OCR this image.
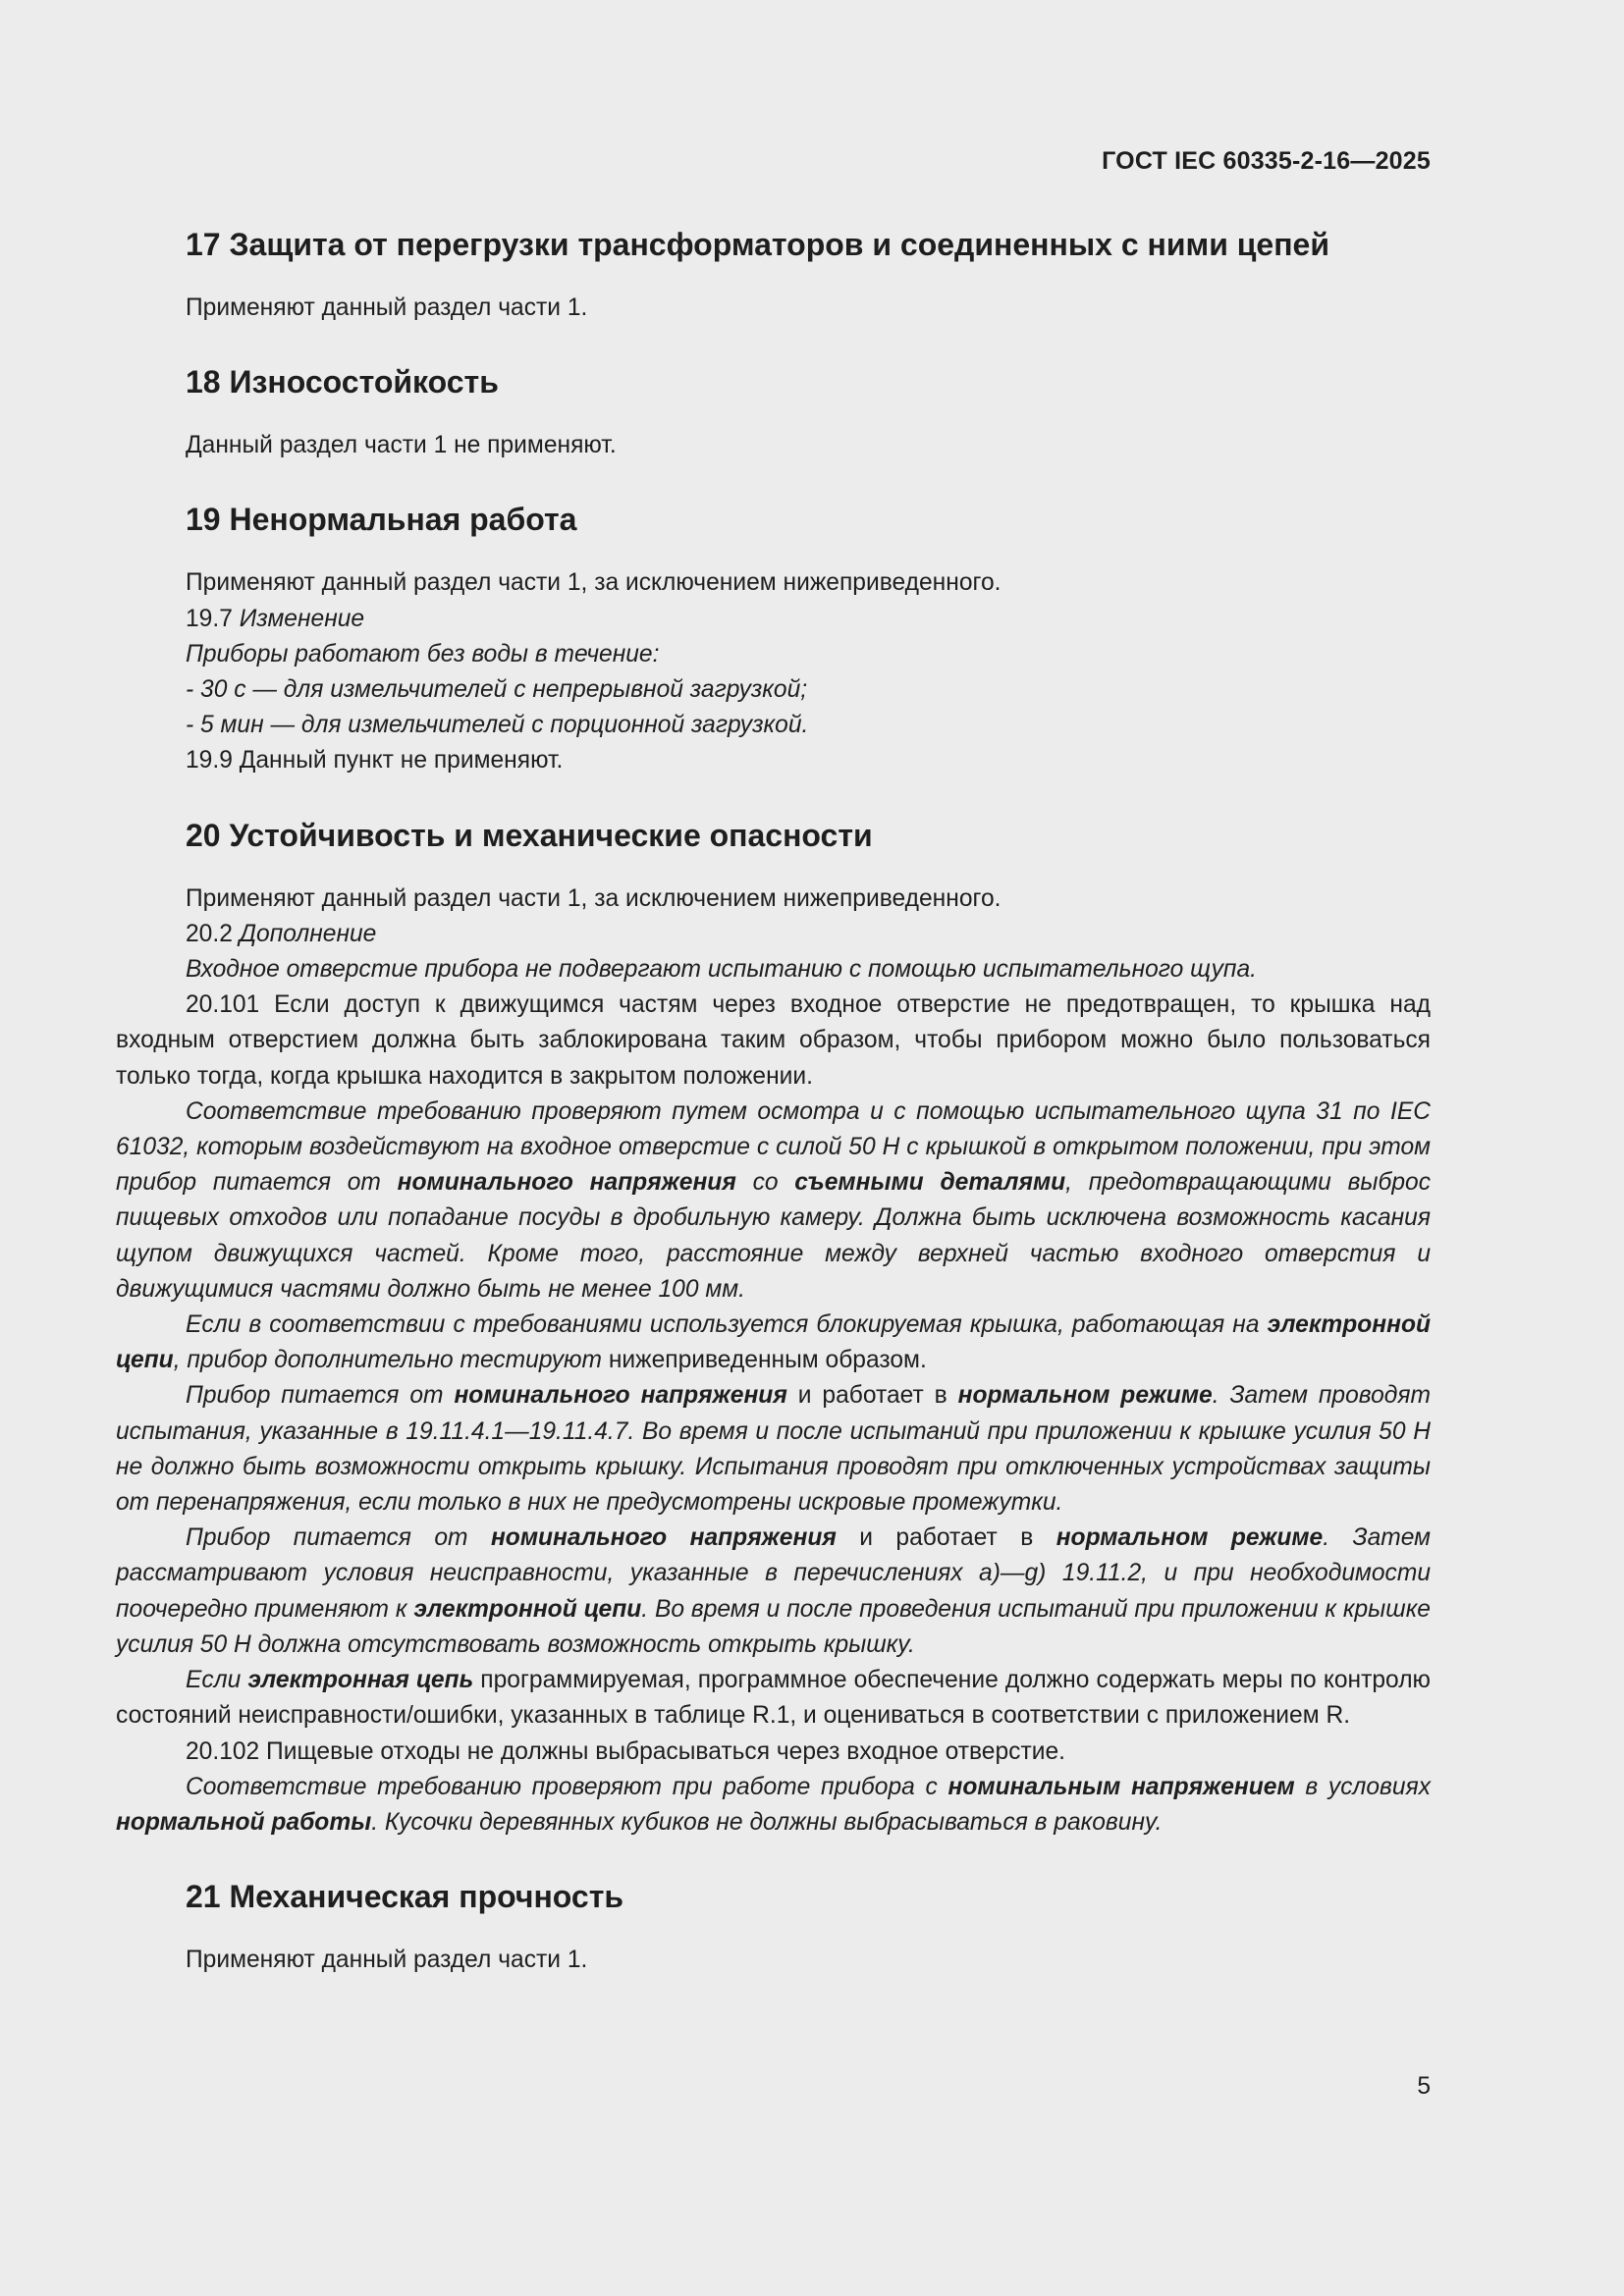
ГОСТ IEC 60335-2-16—2025
17 Защита от перегрузки трансформаторов и соединенных с ними цепей

Применяют данный раздел части 1.

18 Износостойкость

Данный раздел части 1 не применяют.

19 Ненормальная работа

Применяют данный раздел части 1, за исключением нижеприведенного.

19.7 Изменение

Приборы работают без воды в течение:

- 30 с — для измельчителей с непрерывной загрузкой;

- 5 мин — для измельчителей с порционной загрузкой.

19.9 Данный пункт не применяют.

20 Устойчивость и механические опасности

Применяют данный раздел части 1, за исключением нижеприведенного.

20.2 Дополнение

Входное отверстие прибора не подвергают испытанию с помощью испытательного щупа.

20.101 Если доступ к движущимся частям через входное отверстие не предотвращен, то крышка над входным отверстием должна быть заблокирована таким образом, чтобы прибором можно было пользоваться только тогда, когда крышка находится в закрытом положении.

Соответствие требованию проверяют путем осмотра и с помощью испытательного щупа 31 по IEC 61032, которым воздействуют на входное отверстие с силой 50 Н с крышкой в открытом положении, при этом прибор питается от номинального напряжения со съемными деталями, предотвращающими выброс пищевых отходов или попадание посуды в дробильную камеру. Должна быть исключена возможность касания щупом движущихся частей. Кроме того, расстояние между верхней частью входного отверстия и движущимися частями должно быть не менее 100 мм.

Если в соответствии с требованиями используется блокируемая крышка, работающая на электронной цепи, прибор дополнительно тестируют нижеприведенным образом.

Прибор питается от номинального напряжения и работает в нормальном режиме. Затем проводят испытания, указанные в 19.11.4.1—19.11.4.7. Во время и после испытаний при приложении к крышке усилия 50 Н не должно быть возможности открыть крышку. Испытания проводят при отключенных устройствах защиты от перенапряжения, если только в них не предусмотрены искровые промежутки.

Прибор питается от номинального напряжения и работает в нормальном режиме. Затем рассматривают условия неисправности, указанные в перечислениях a)—g) 19.11.2, и при необходимости поочередно применяют к электронной цепи. Во время и после проведения испытаний при приложении к крышке усилия 50 Н должна отсутствовать возможность открыть крышку.

Если электронная цепь программируемая, программное обеспечение должно содержать меры по контролю состояний неисправности/ошибки, указанных в таблице R.1, и оцениваться в соответствии с приложением R.

20.102 Пищевые отходы не должны выбрасываться через входное отверстие.

Соответствие требованию проверяют при работе прибора с номинальным напряжением в условиях нормальной работы. Кусочки деревянных кубиков не должны выбрасываться в раковину.

21 Механическая прочность

Применяют данный раздел части 1.

5
